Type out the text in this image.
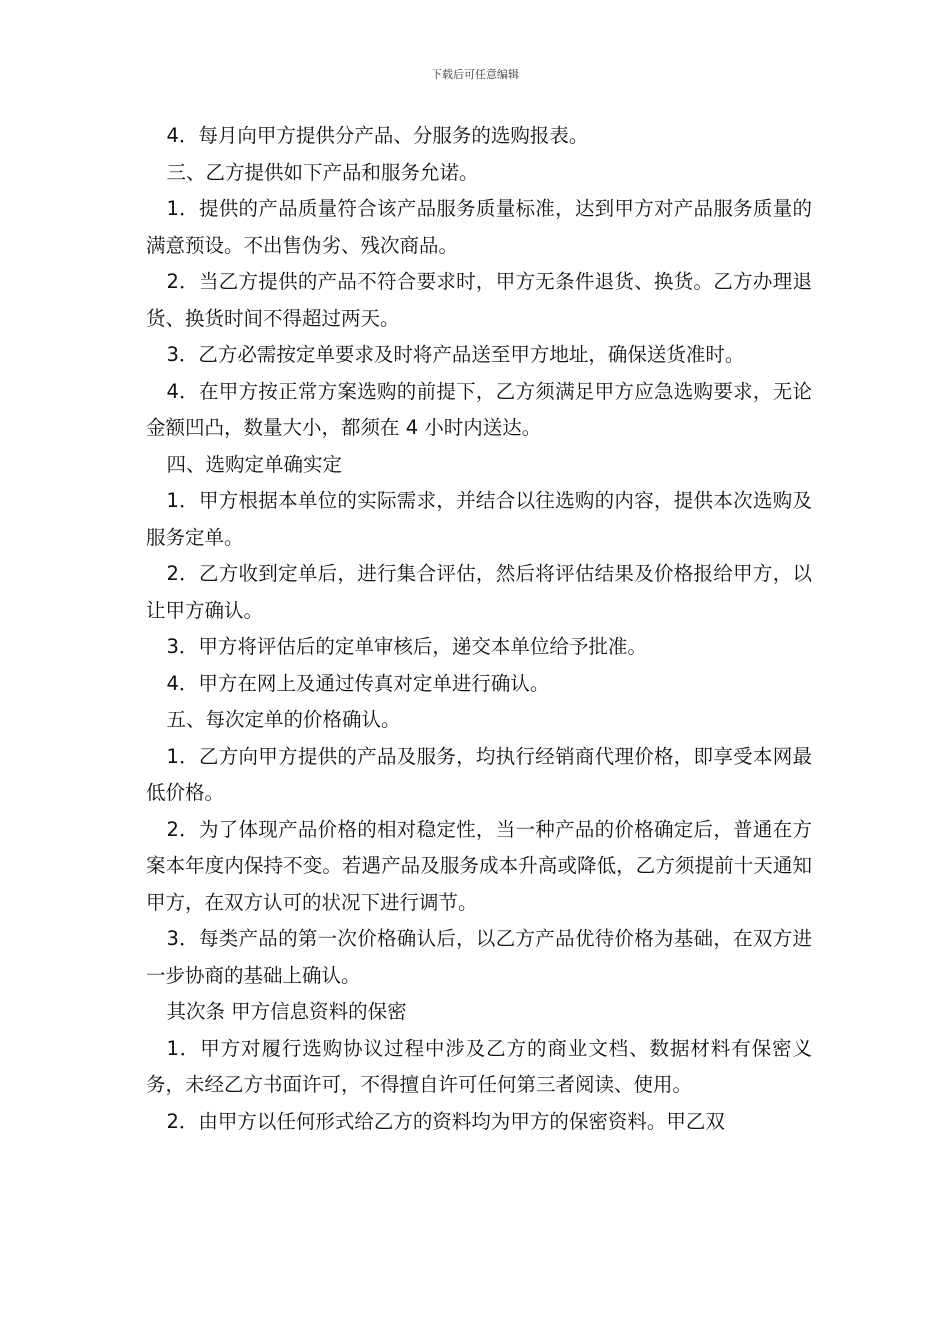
下载后可任意编辑

4．每月向甲方提供分产品、分服务的选购报表。

三、乙方提供如下产品和服务允诺。

1．提供的产品质量符合该产品服务质量标准，达到甲方对产品服务质量的满意预设。不出售伪劣、残次商品。

2．当乙方提供的产品不符合要求时，甲方无条件退货、换货。乙方办理退货、换货时间不得超过两天。

3．乙方必需按定单要求及时将产品送至甲方地址，确保送货准时。

4．在甲方按正常方案选购的前提下，乙方须满足甲方应急选购要求，无论金额凹凸，数量大小，都须在 4 小时内送达。

四、选购定单确实定

1．甲方根据本单位的实际需求，并结合以往选购的内容，提供本次选购及服务定单。

2．乙方收到定单后，进行集合评估，然后将评估结果及价格报给甲方，以让甲方确认。

3．甲方将评估后的定单审核后，递交本单位给予批准。

4．甲方在网上及通过传真对定单进行确认。

五、每次定单的价格确认。

1．乙方向甲方提供的产品及服务，均执行经销商代理价格，即享受本网最低价格。

2．为了体现产品价格的相对稳定性，当一种产品的价格确定后，普通在方案本年度内保持不变。若遇产品及服务成本升高或降低，乙方须提前十天通知甲方，在双方认可的状况下进行调节。

3．每类产品的第一次价格确认后，以乙方产品优待价格为基础，在双方进一步协商的基础上确认。

其次条 甲方信息资料的保密

1．甲方对履行选购协议过程中涉及乙方的商业文档、数据材料有保密义务，未经乙方书面许可，不得擅自许可任何第三者阅读、使用。

2．由甲方以任何形式给乙方的资料均为甲方的保密资料。甲乙双
